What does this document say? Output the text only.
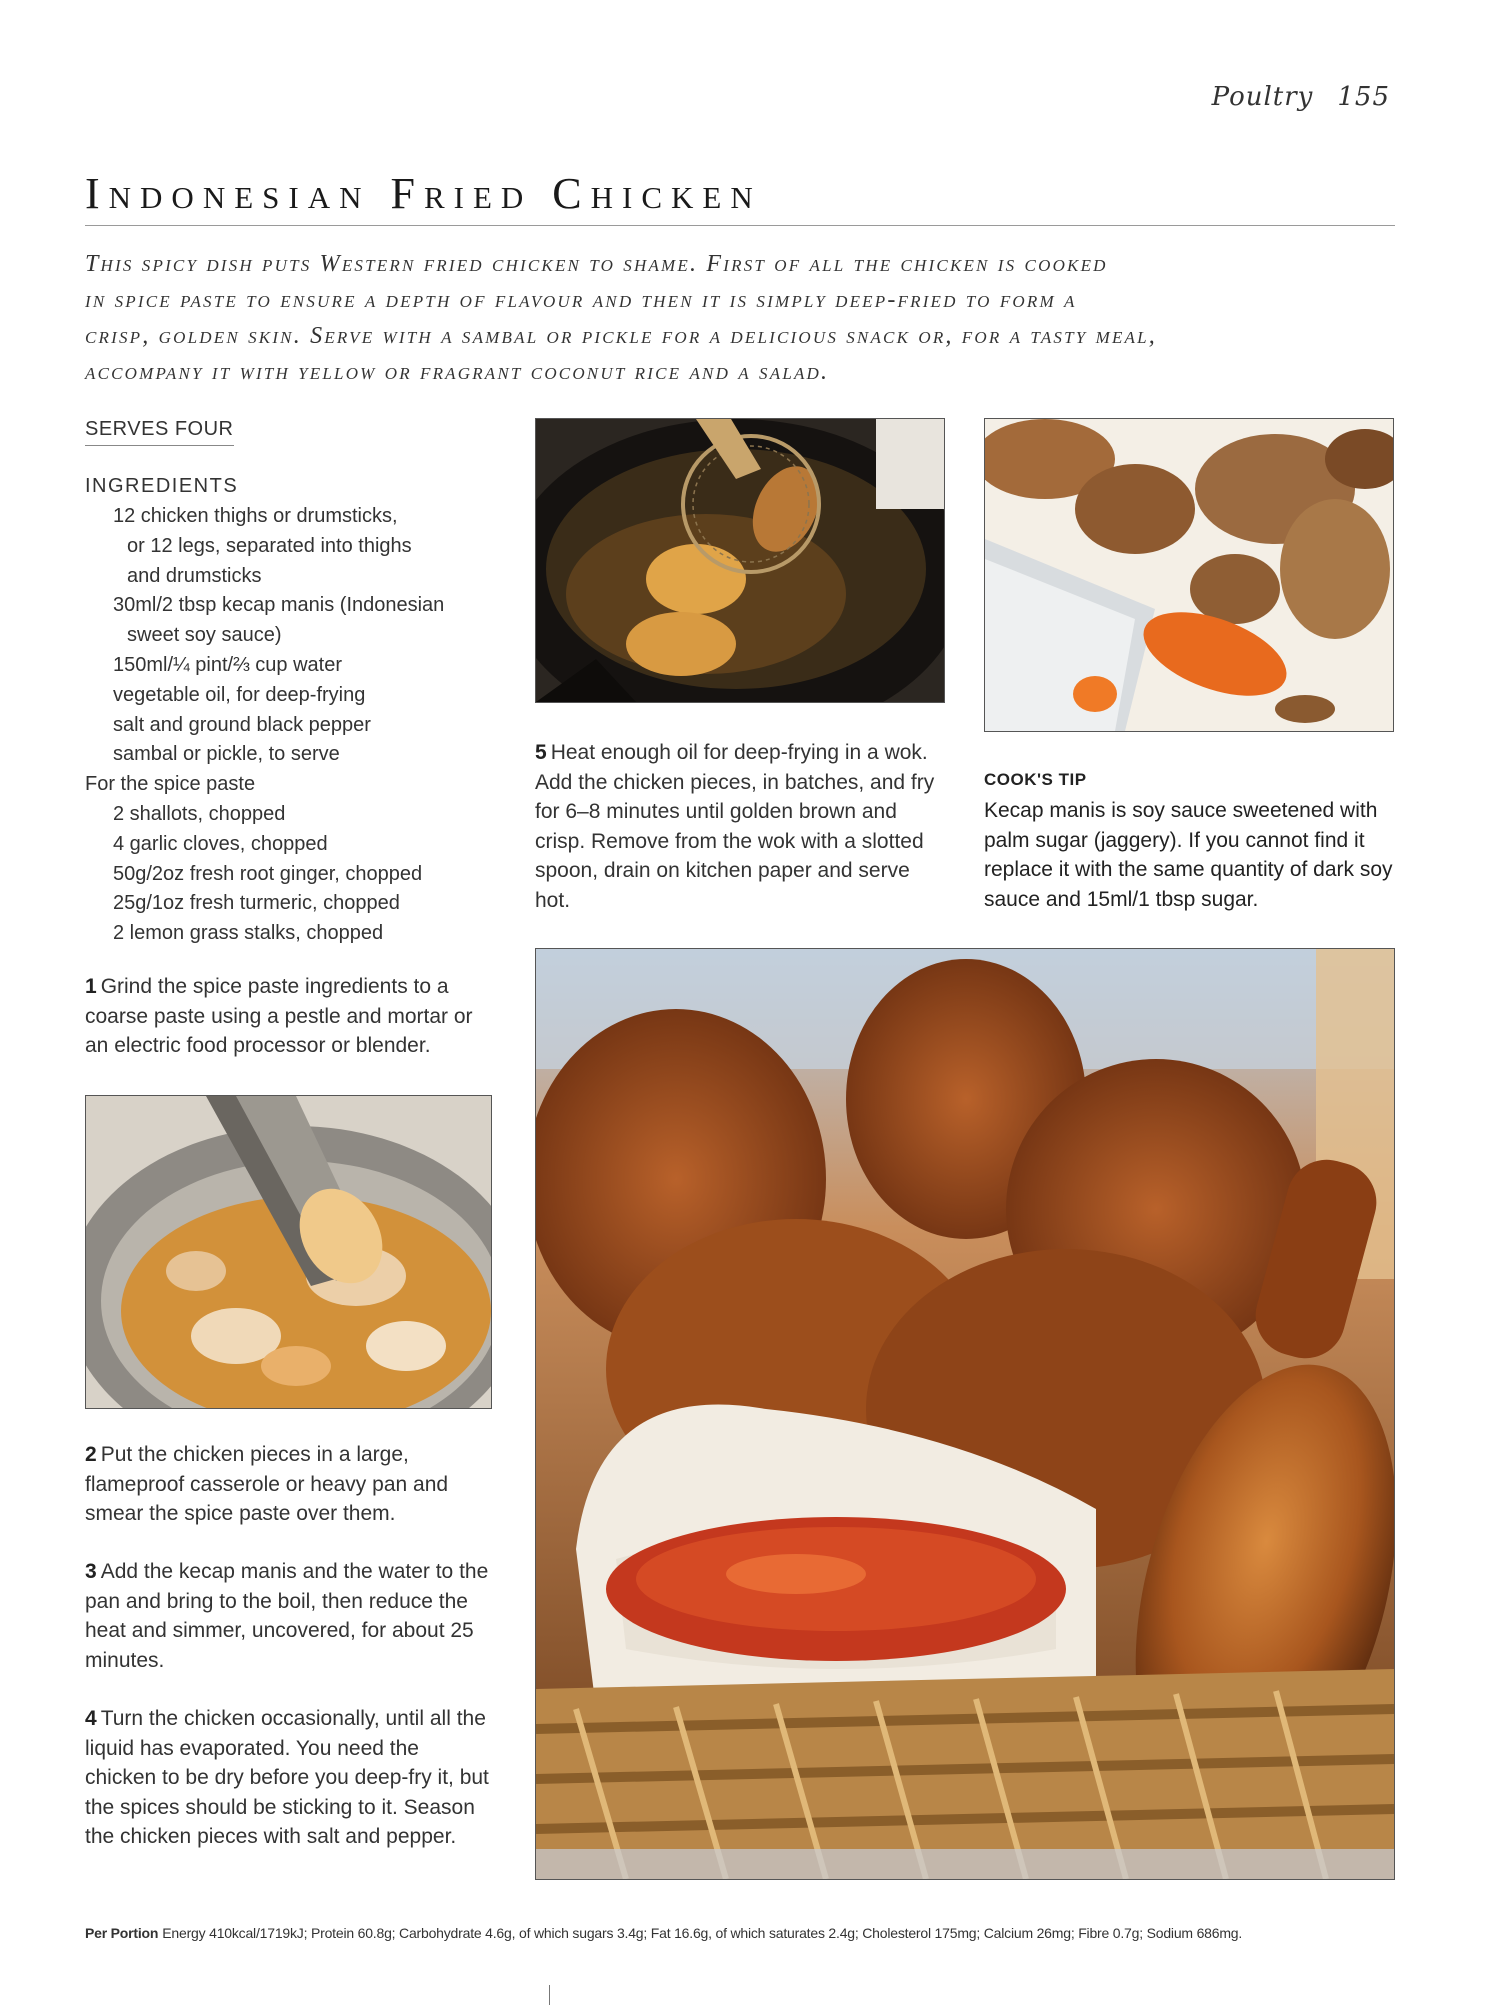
Poultry 155
Indonesian Fried Chicken
This spicy dish puts Western fried chicken to shame. First of all the chicken is cooked
in spice paste to ensure a depth of flavour and then it is simply deep-fried to form a
crisp, golden skin. Serve with a sambal or pickle for a delicious snack or, for a tasty meal,
accompany it with yellow or fragrant coconut rice and a salad.
SERVES FOUR
INGREDIENTS
12 chicken thighs or drumsticks,
or 12 legs, separated into thighs
and drumsticks
30ml/2 tbsp kecap manis (Indonesian
sweet soy sauce)
150ml/¼ pint/⅔ cup water
vegetable oil, for deep-frying
salt and ground black pepper
sambal or pickle, to serve
For the spice paste
2 shallots, chopped
4 garlic cloves, chopped
50g/2oz fresh root ginger, chopped
25g/1oz fresh turmeric, chopped
2 lemon grass stalks, chopped
1 Grind the spice paste ingredients to a coarse paste using a pestle and mortar or an electric food processor or blender.
2 Put the chicken pieces in a large, flameproof casserole or heavy pan and smear the spice paste over them.
3 Add the kecap manis and the water to the pan and bring to the boil, then reduce the heat and simmer, uncovered, for about 25 minutes.
4 Turn the chicken occasionally, until all the liquid has evaporated. You need the chicken to be dry before you deep-fry it, but the spices should be sticking to it. Season the chicken pieces with salt and pepper.
5 Heat enough oil for deep-frying in a wok. Add the chicken pieces, in batches, and fry for 6–8 minutes until golden brown and crisp. Remove from the wok with a slotted spoon, drain on kitchen paper and serve hot.
COOK'S TIP
Kecap manis is soy sauce sweetened with palm sugar (jaggery). If you cannot find it replace it with the same quantity of dark soy sauce and 15ml/1 tbsp sugar.
Per Portion Energy 410kcal/1719kJ; Protein 60.8g; Carbohydrate 4.6g, of which sugars 3.4g; Fat 16.6g, of which saturates 2.4g; Cholesterol 175mg; Calcium 26mg; Fibre 0.7g; Sodium 686mg.
